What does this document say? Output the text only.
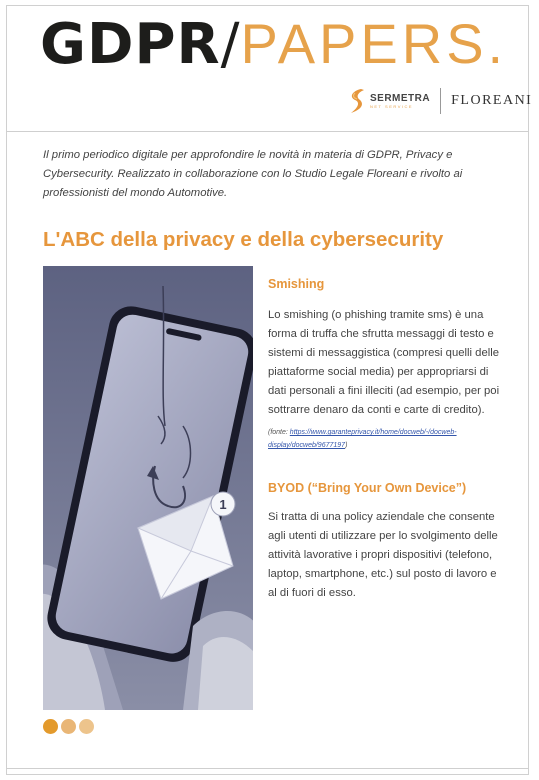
GDPR/PAPERS.
SERMETRA
NET SERVICE	FLOREANI

Il primo periodico digitale per approfondire le novità in materia di GDPR, Privacy e Cybersecurity. Realizzato in collaborazione con lo Studio Legale Floreani e rivolto ai professionisti del mondo Automotive.

L'ABC della privacy e della cybersecurity
1
Smishing

Lo smishing (o phishing tramite sms) è una forma di truffa che sfrutta messaggi di testo e sistemi di messaggistica (compresi quelli delle piattaforme social media) per appropriarsi di dati personali a fini illeciti (ad esempio, per poi sottrarre denaro da conti e carte di credito).

(fonte: https://www.garanteprivacy.it/home/docweb/-/docweb-display/docweb/9677197)

BYOD (“Bring Your Own Device”)

Si tratta di una policy aziendale che consente agli utenti di utilizzare per lo svolgimento delle attività lavorative i propri dispositivi (telefono, laptop, smartphone, etc.) sul posto di lavoro e al di fuori di esso.
